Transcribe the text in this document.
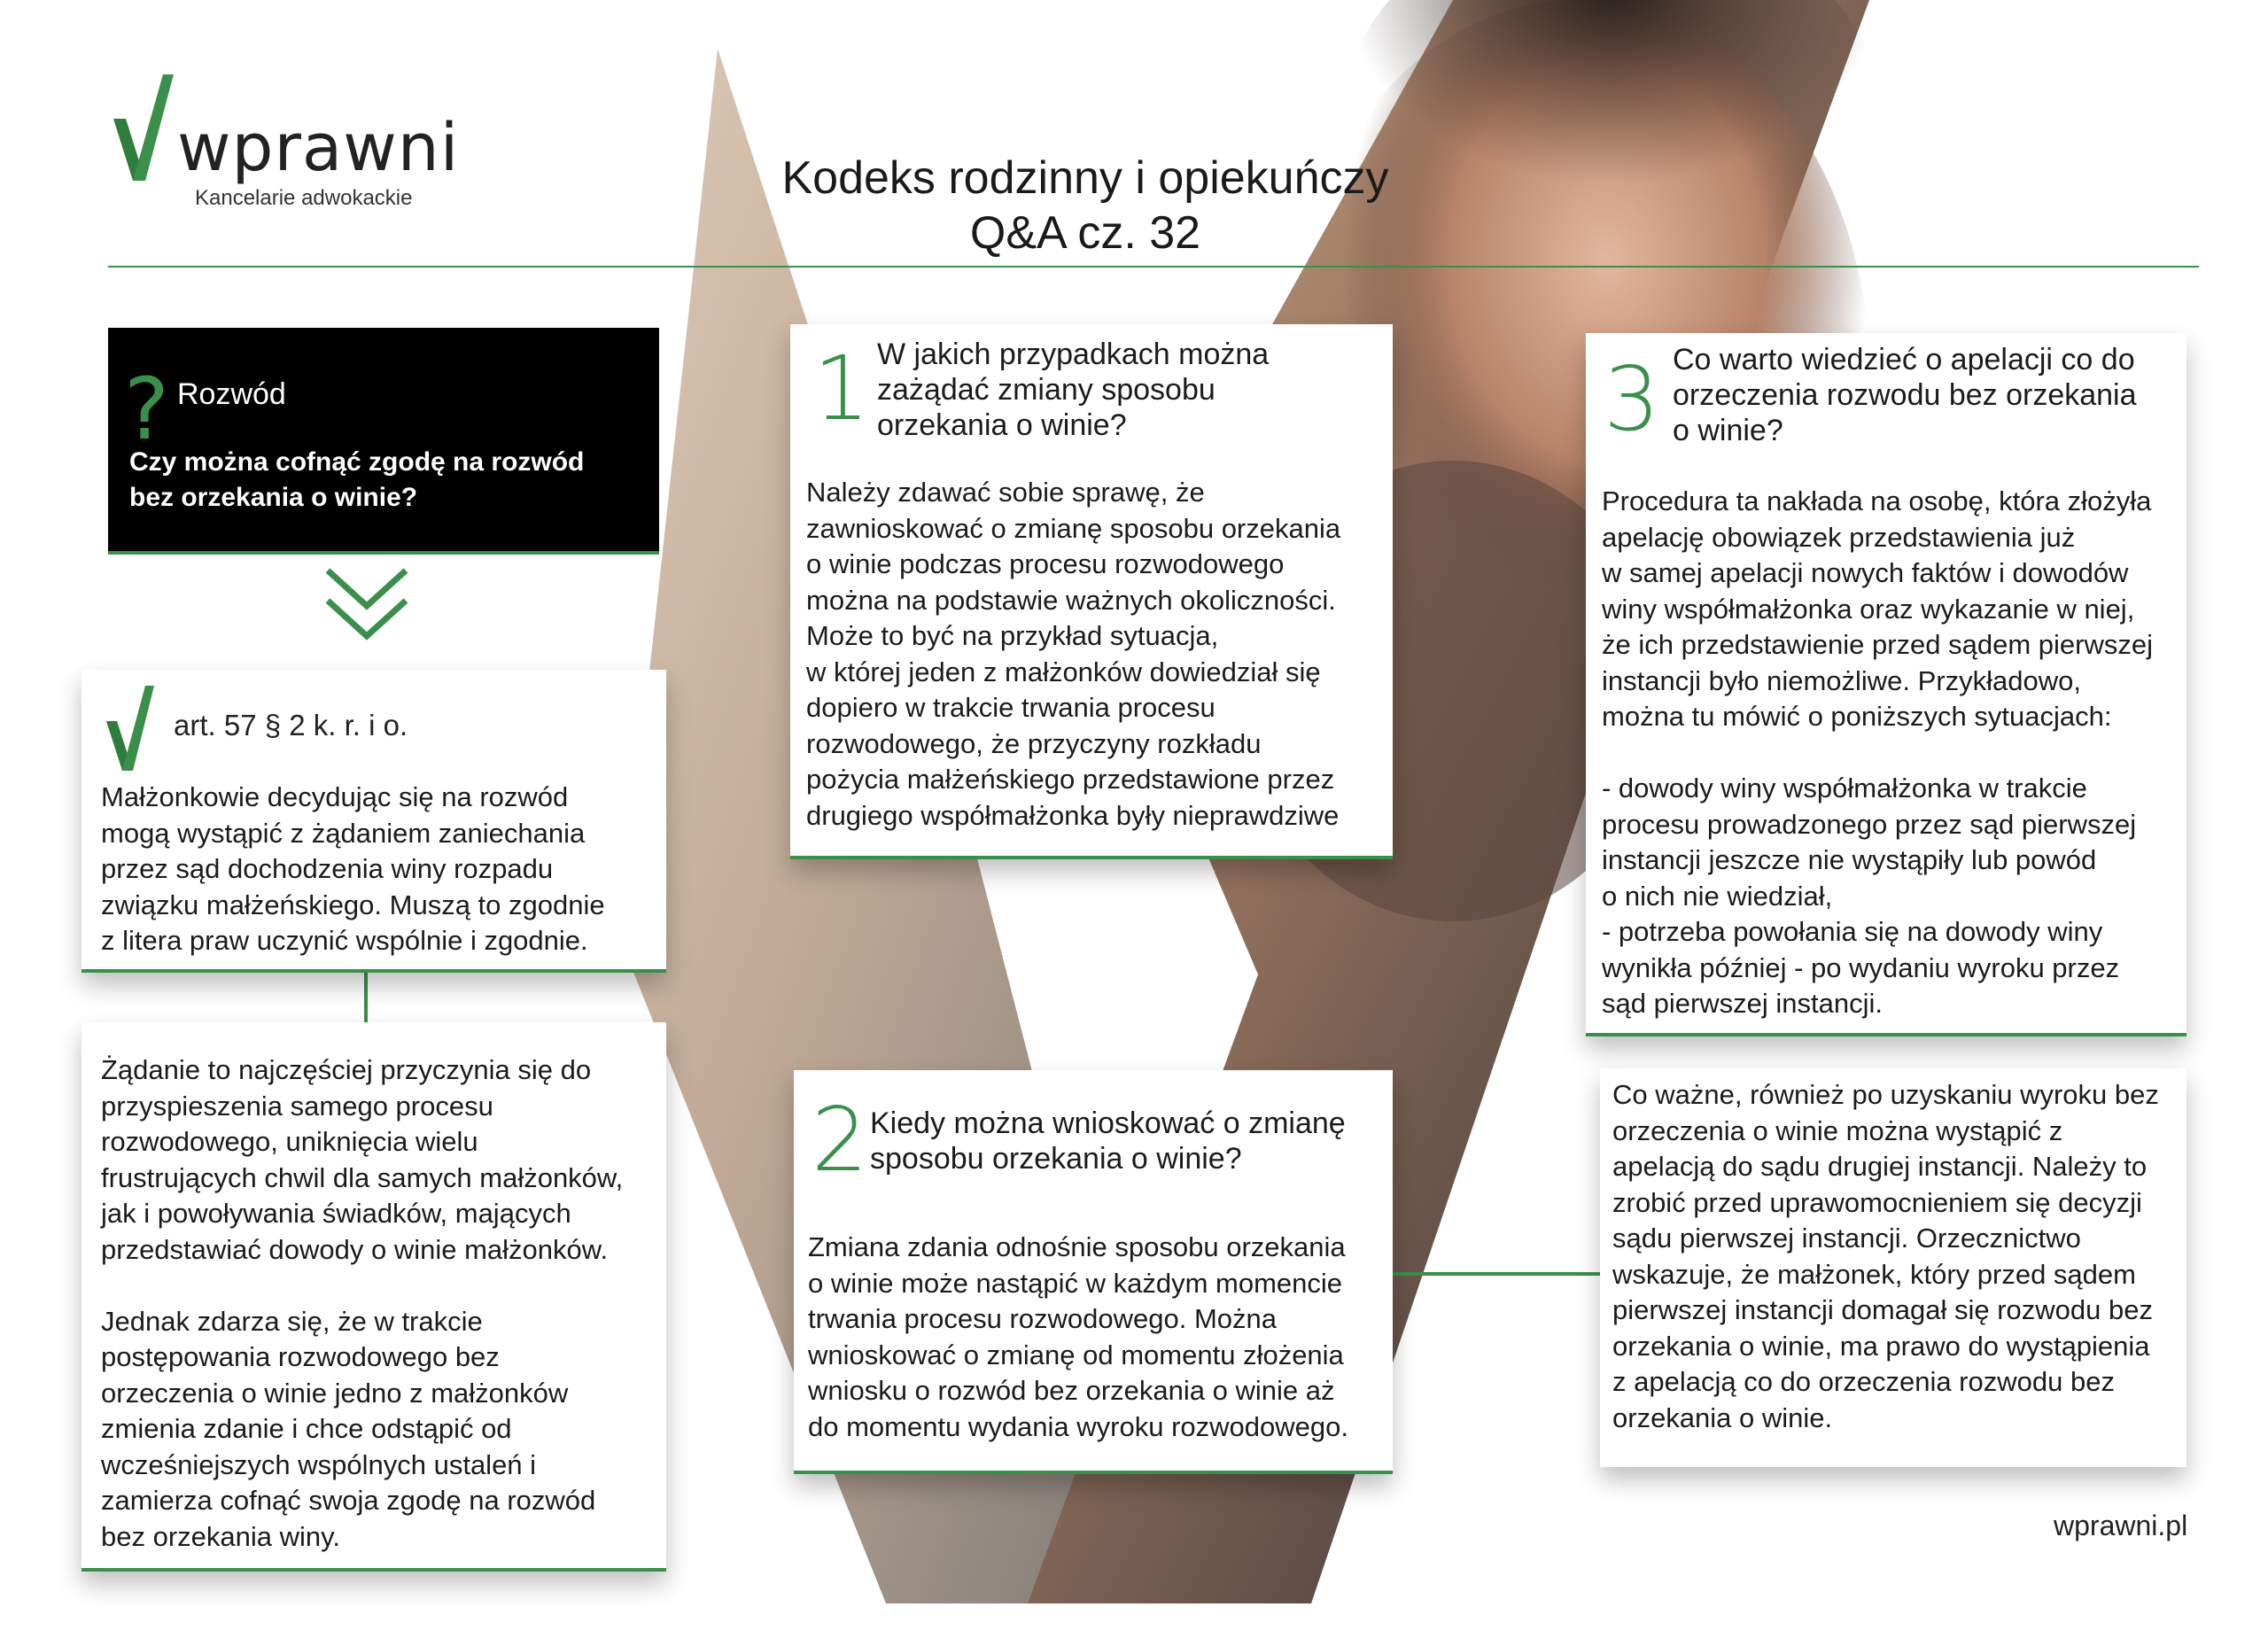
wprawni
Kancelarie adwokackie	Kodeks rodzinny i opiekuńczy
Q&A cz. 32
? Rozwód
Czy można cofnąć zgodę na rozwód bez orzekania o winie?
art. 57 § 2 k. r. i o.
Małżonkowie decydując się na rozwód
mogą wystąpić z żądaniem zaniechania
przez sąd dochodzenia winy rozpadu
związku małżeńskiego. Muszą to zgodnie
z litera praw uczynić wspólnie i zgodnie.
Żądanie to najczęściej przyczynia się do
przyspieszenia samego procesu
rozwodowego, uniknięcia wielu
frustrujących chwil dla samych małżonków,
jak i powoływania świadków, mających
przedstawiać dowody o winie małżonków.

Jednak zdarza się, że w trakcie
postępowania rozwodowego bez
orzeczenia o winie jedno z małżonków
zmienia zdanie i chce odstąpić od
wcześniejszych wspólnych ustaleń i
zamierza cofnąć swoja zgodę na rozwód
bez orzekania winy.
1 W jakich przypadkach można
zażądać zmiany sposobu
orzekania o winie?
Należy zdawać sobie sprawę, że
zawnioskować o zmianę sposobu orzekania
o winie podczas procesu rozwodowego
można na podstawie ważnych okoliczności.
Może to być na przykład sytuacja,
w której jeden z małżonków dowiedział się
dopiero w trakcie trwania procesu
rozwodowego, że przyczyny rozkładu
pożycia małżeńskiego przedstawione przez
drugiego współmałżonka były nieprawdziwe
2 Kiedy można wnioskować o zmianę
sposobu orzekania o winie?
Zmiana zdania odnośnie sposobu orzekania
o winie może nastąpić w każdym momencie
trwania procesu rozwodowego. Można
wnioskować o zmianę od momentu złożenia
wniosku o rozwód bez orzekania o winie aż
do momentu wydania wyroku rozwodowego.
3 Co warto wiedzieć o apelacji co do
orzeczenia rozwodu bez orzekania
o winie?
Procedura ta nakłada na osobę, która złożyła
apelację obowiązek przedstawienia już
w samej apelacji nowych faktów i dowodów
winy współmałżonka oraz wykazanie w niej,
że ich przedstawienie przed sądem pierwszej
instancji było niemożliwe. Przykładowo,
można tu mówić o poniższych sytuacjach:

- dowody winy współmałżonka w trakcie
procesu prowadzonego przez sąd pierwszej
instancji jeszcze nie wystąpiły lub powód
o nich nie wiedział,
- potrzeba powołania się na dowody winy
wynikła później - po wydaniu wyroku przez
sąd pierwszej instancji.
Co ważne, również po uzyskaniu wyroku bez
orzeczenia o winie można wystąpić z
apelacją do sądu drugiej instancji. Należy to
zrobić przed uprawomocnieniem się decyzji
sądu pierwszej instancji. Orzecznictwo
wskazuje, że małżonek, który przed sądem
pierwszej instancji domagał się rozwodu bez
orzekania o winie, ma prawo do wystąpienia
z apelacją co do orzeczenia rozwodu bez
orzekania o winie.
wprawni.pl
